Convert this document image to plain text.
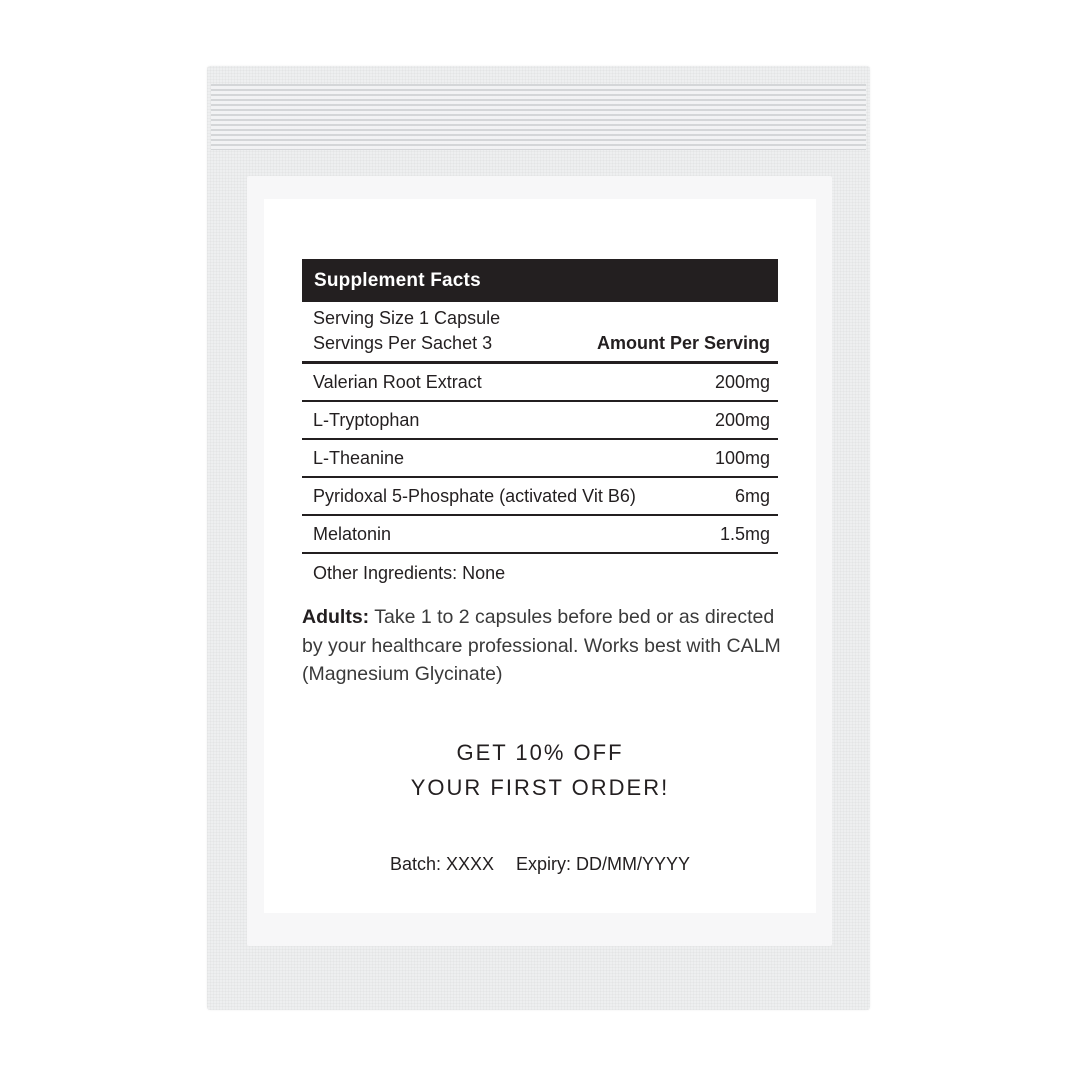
Supplement Facts
Serving Size 1 Capsule
Servings Per Sachet 3	Amount Per Serving
Valerian Root Extract	200mg
L-Tryptophan	200mg
L-Theanine	100mg
Pyridoxal 5-Phosphate (activated Vit B6)	6mg
Melatonin	1.5mg
Other Ingredients: None
Adults: Take 1 to 2 capsules before bed or as directed by your healthcare professional. Works best with CALM (Magnesium Glycinate)
GET 10% OFF
YOUR FIRST ORDER!
Batch: XXXX Expiry: DD/MM/YYYY
